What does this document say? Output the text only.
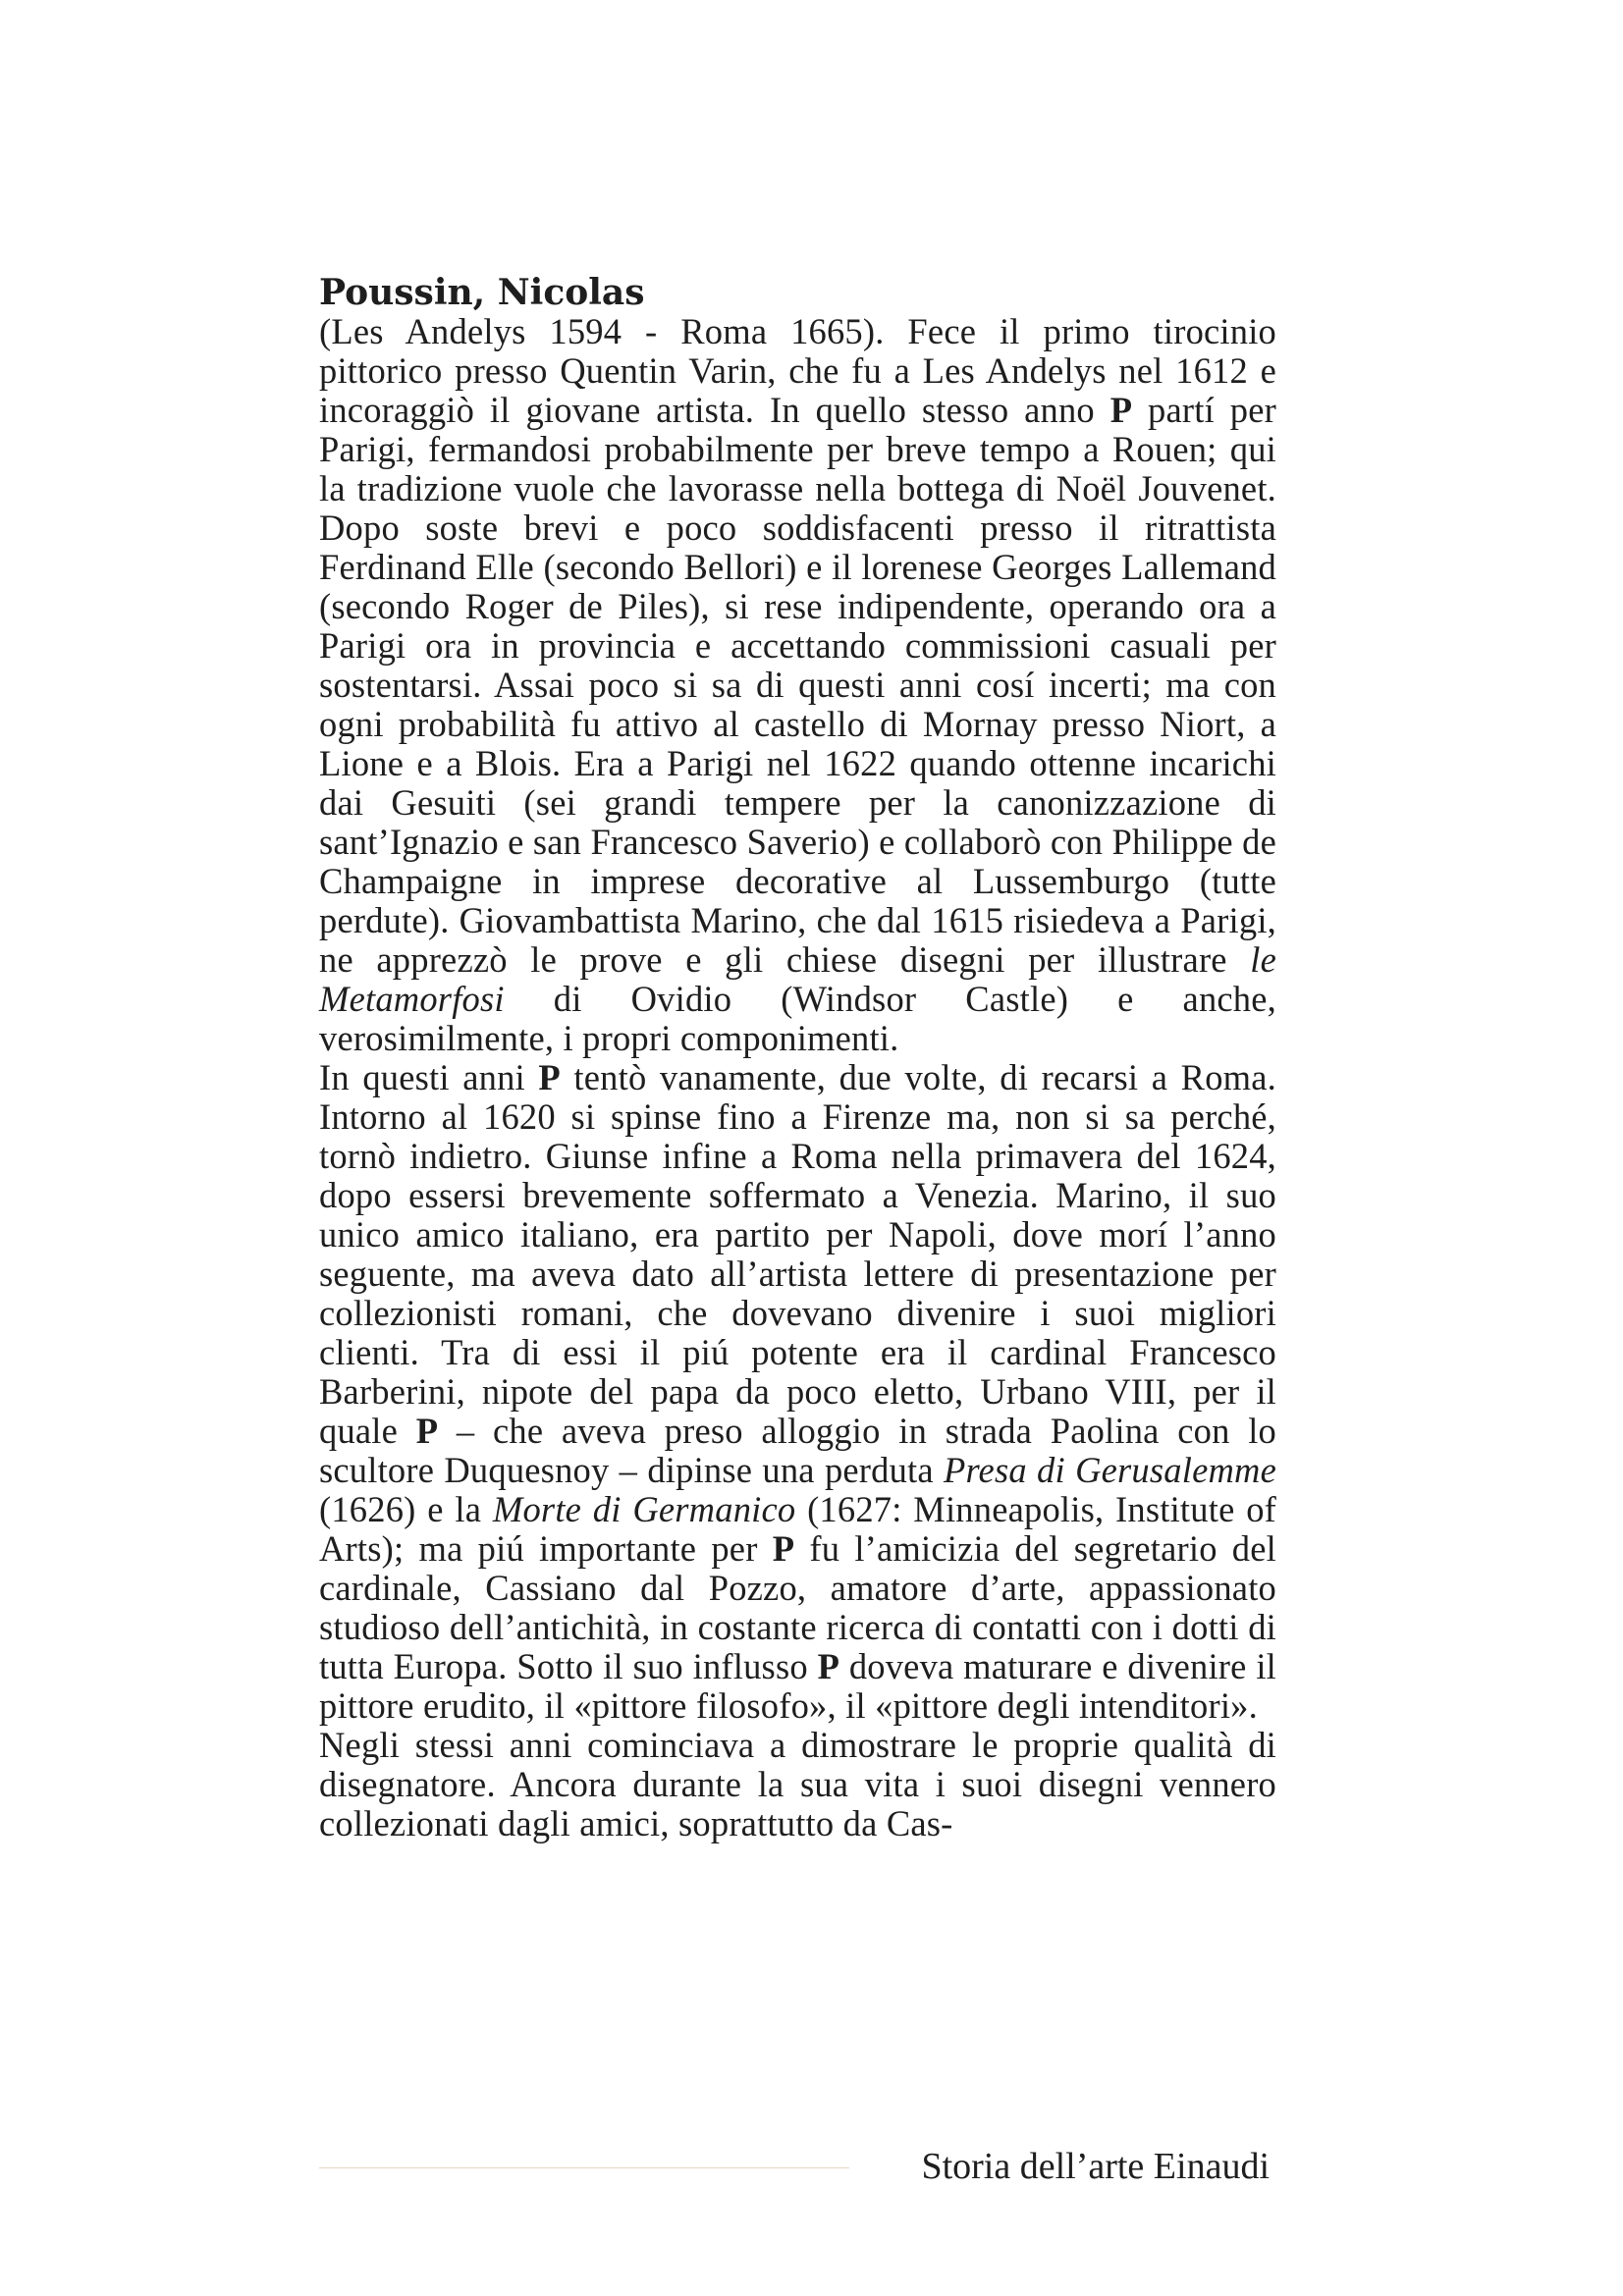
Poussin, Nicolas

(Les Andelys 1594 - Roma 1665). Fece il primo tirocinio pittorico presso Quentin Varin, che fu a Les Andelys nel 1612 e incoraggiò il giovane artista. In quello stesso anno P partí per Parigi, fermandosi probabilmente per breve tempo a Rouen; qui la tradizione vuole che lavorasse nella bottega di Noël Jouvenet. Dopo soste brevi e poco soddisfacenti presso il ritrattista Ferdinand Elle (secondo Bellori) e il lorenese Georges Lallemand (secondo Roger de Piles), si rese indipendente, operando ora a Parigi ora in provincia e accettando commissioni casuali per sostentarsi. Assai poco si sa di questi anni cosí incerti; ma con ogni probabilità fu attivo al castello di Mornay presso Niort, a Lione e a Blois. Era a Parigi nel 1622 quando ottenne incarichi dai Gesuiti (sei grandi tempere per la canonizzazione di sant’Ignazio e san Francesco Saverio) e collaborò con Philippe de Champaigne in imprese decorative al Lussemburgo (tutte perdute). Giovambattista Marino, che dal 1615 risiedeva a Parigi, ne apprezzò le prove e gli chiese disegni per illustrare le Metamorfosi di Ovidio (Windsor Castle) e anche, verosimilmente, i propri componimenti.

In questi anni P tentò vanamente, due volte, di recarsi a Roma. Intorno al 1620 si spinse fino a Firenze ma, non si sa perché, tornò indietro. Giunse infine a Roma nella primavera del 1624, dopo essersi brevemente soffermato a Venezia. Marino, il suo unico amico italiano, era partito per Napoli, dove morí l’anno seguente, ma aveva dato all’artista lettere di presentazione per collezionisti romani, che dovevano divenire i suoi migliori clienti. Tra di essi il piú potente era il cardinal Francesco Barberini, nipote del papa da poco eletto, Urbano VIII, per il quale P – che aveva preso alloggio in strada Paolina con lo scultore Duquesnoy – dipinse una perduta Presa di Gerusalemme (1626) e la Morte di Germanico (1627: Minneapolis, Institute of Arts); ma piú importante per P fu l’amicizia del segretario del cardinale, Cassiano dal Pozzo, amatore d’arte, appassionato studioso dell’antichità, in costante ricerca di contatti con i dotti di tutta Europa. Sotto il suo influsso P doveva maturare e divenire il pittore erudito, il «pittore filosofo», il «pittore degli intenditori».

Negli stessi anni cominciava a dimostrare le proprie qualità di disegnatore. Ancora durante la sua vita i suoi disegni vennero collezionati dagli amici, soprattutto da Cas-

Storia dell’arte Einaudi
